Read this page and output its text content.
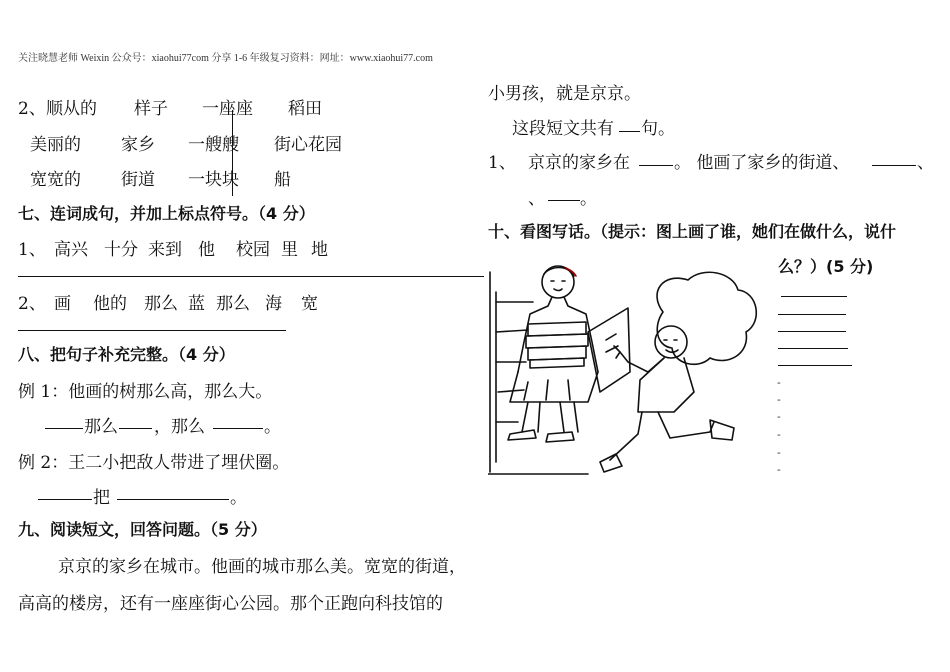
关注晓慧老师 Weixin 公众号：xiaohui77com 分享 1-6 年级复习资料：网址：www.xiaohui77.com
2、 顺从的 样子 一座座 稻田
美丽的 家乡 一艘艘 街心花园
宽宽的 街道 一块块 船
七、连词成句，并加上标点符号。（4 分）
1、 高兴 十分 来到 他 校园 里 地
2、 画 他的 那么 蓝 那么 海 宽
八、把句子补充完整。（4 分）
例 1：他画的树那么高，那么大。
那么 ，那么	。
例 2：王二小把敌人带进了埋伏圈。
把	。
九、阅读短文，回答问题。（5 分）
京京的家乡在城市。他画的城市那么美。宽宽的街道，
高高的楼房，还有一座座街心公园。那个正跑向科技馆的
小男孩，就是京京。
这段短文共有 句。
1、 京京的家乡在	。 他画了家乡的街道、	、
、 。
十、看图写话。（提示：图上画了谁，她们在做什么，说什
么？）(5 分)
-
-
-
-
-
-
